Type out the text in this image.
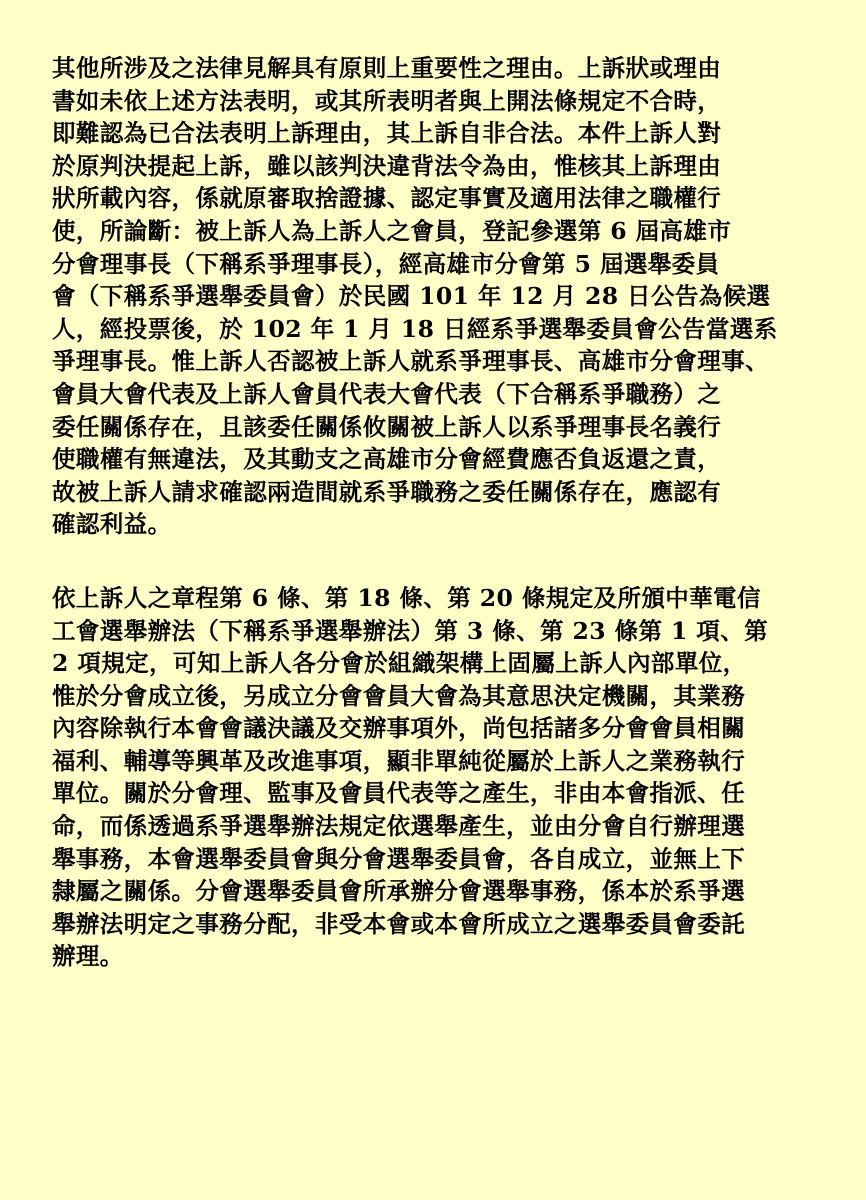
其他所涉及之法律見解具有原則上重要性之理由。上訴狀或理由
書如未依上述方法表明，或其所表明者與上開法條規定不合時，
即難認為已合法表明上訴理由，其上訴自非合法。本件上訴人對
於原判決提起上訴，雖以該判決違背法令為由，惟核其上訴理由
狀所載內容，係就原審取捨證據、認定事實及適用法律之職權行
使，所論斷：被上訴人為上訴人之會員，登記參選第 6 屆高雄市
分會理事長（下稱系爭理事長），經高雄市分會第 5 屆選舉委員
會（下稱系爭選舉委員會）於民國 101 年 12 月 28 日公告為候選
人，經投票後，於 102 年 1 月 18 日經系爭選舉委員會公告當選系
爭理事長。惟上訴人否認被上訴人就系爭理事長、高雄市分會理事、
會員大會代表及上訴人會員代表大會代表（下合稱系爭職務）之
委任關係存在，且該委任關係攸關被上訴人以系爭理事長名義行
使職權有無違法，及其動支之高雄市分會經費應否負返還之責，
故被上訴人請求確認兩造間就系爭職務之委任關係存在，應認有
確認利益。
依上訴人之章程第 6 條、第 18 條、第 20 條規定及所頒中華電信
工會選舉辦法（下稱系爭選舉辦法）第 3 條、第 23 條第 1 項、第
2 項規定，可知上訴人各分會於組織架構上固屬上訴人內部單位，
惟於分會成立後，另成立分會會員大會為其意思決定機關，其業務
內容除執行本會會議決議及交辦事項外，尚包括諸多分會會員相關
福利、輔導等興革及改進事項，顯非單純從屬於上訴人之業務執行
單位。關於分會理、監事及會員代表等之產生，非由本會指派、任
命，而係透過系爭選舉辦法規定依選舉產生，並由分會自行辦理選
舉事務，本會選舉委員會與分會選舉委員會，各自成立，並無上下
隸屬之關係。分會選舉委員會所承辦分會選舉事務，係本於系爭選
舉辦法明定之事務分配，非受本會或本會所成立之選舉委員會委託
辦理。
